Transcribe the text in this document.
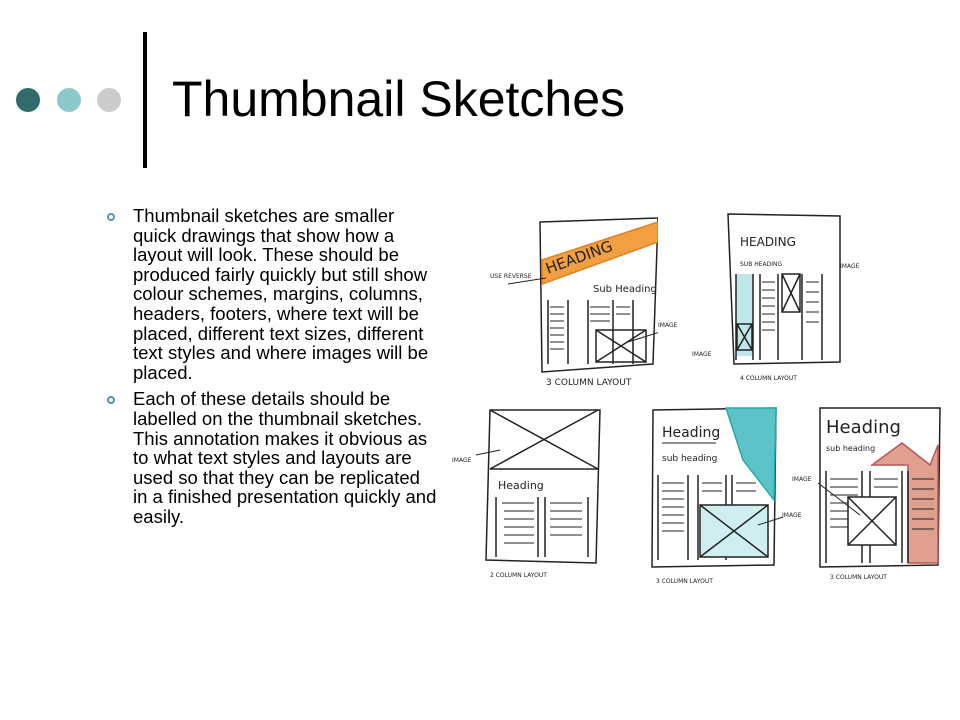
Thumbnail Sketches
Thumbnail sketches are smaller quick drawings that show how a layout will look. These should be produced fairly quickly but still show colour schemes, margins, columns, headers, footers, where text will be placed, different text sizes, different text styles and where images will be placed.
Each of these details should be labelled on the thumbnail sketches. This annotation makes it obvious as to what text styles and layouts are used so that they can be replicated in a finished presentation quickly and easily.
HEADING
Sub Heading
USE REVERSE
3 COLUMN LAYOUT
IMAGE
HEADING
SUB HEADING	IMAGE
IMAGE
4 COLUMN LAYOUT
Heading
IMAGE
2 COLUMN LAYOUT
Heading
sub heading
IMAGE
3 COLUMN LAYOUT
Heading
sub heading
IMAGE
3 COLUMN LAYOUT
